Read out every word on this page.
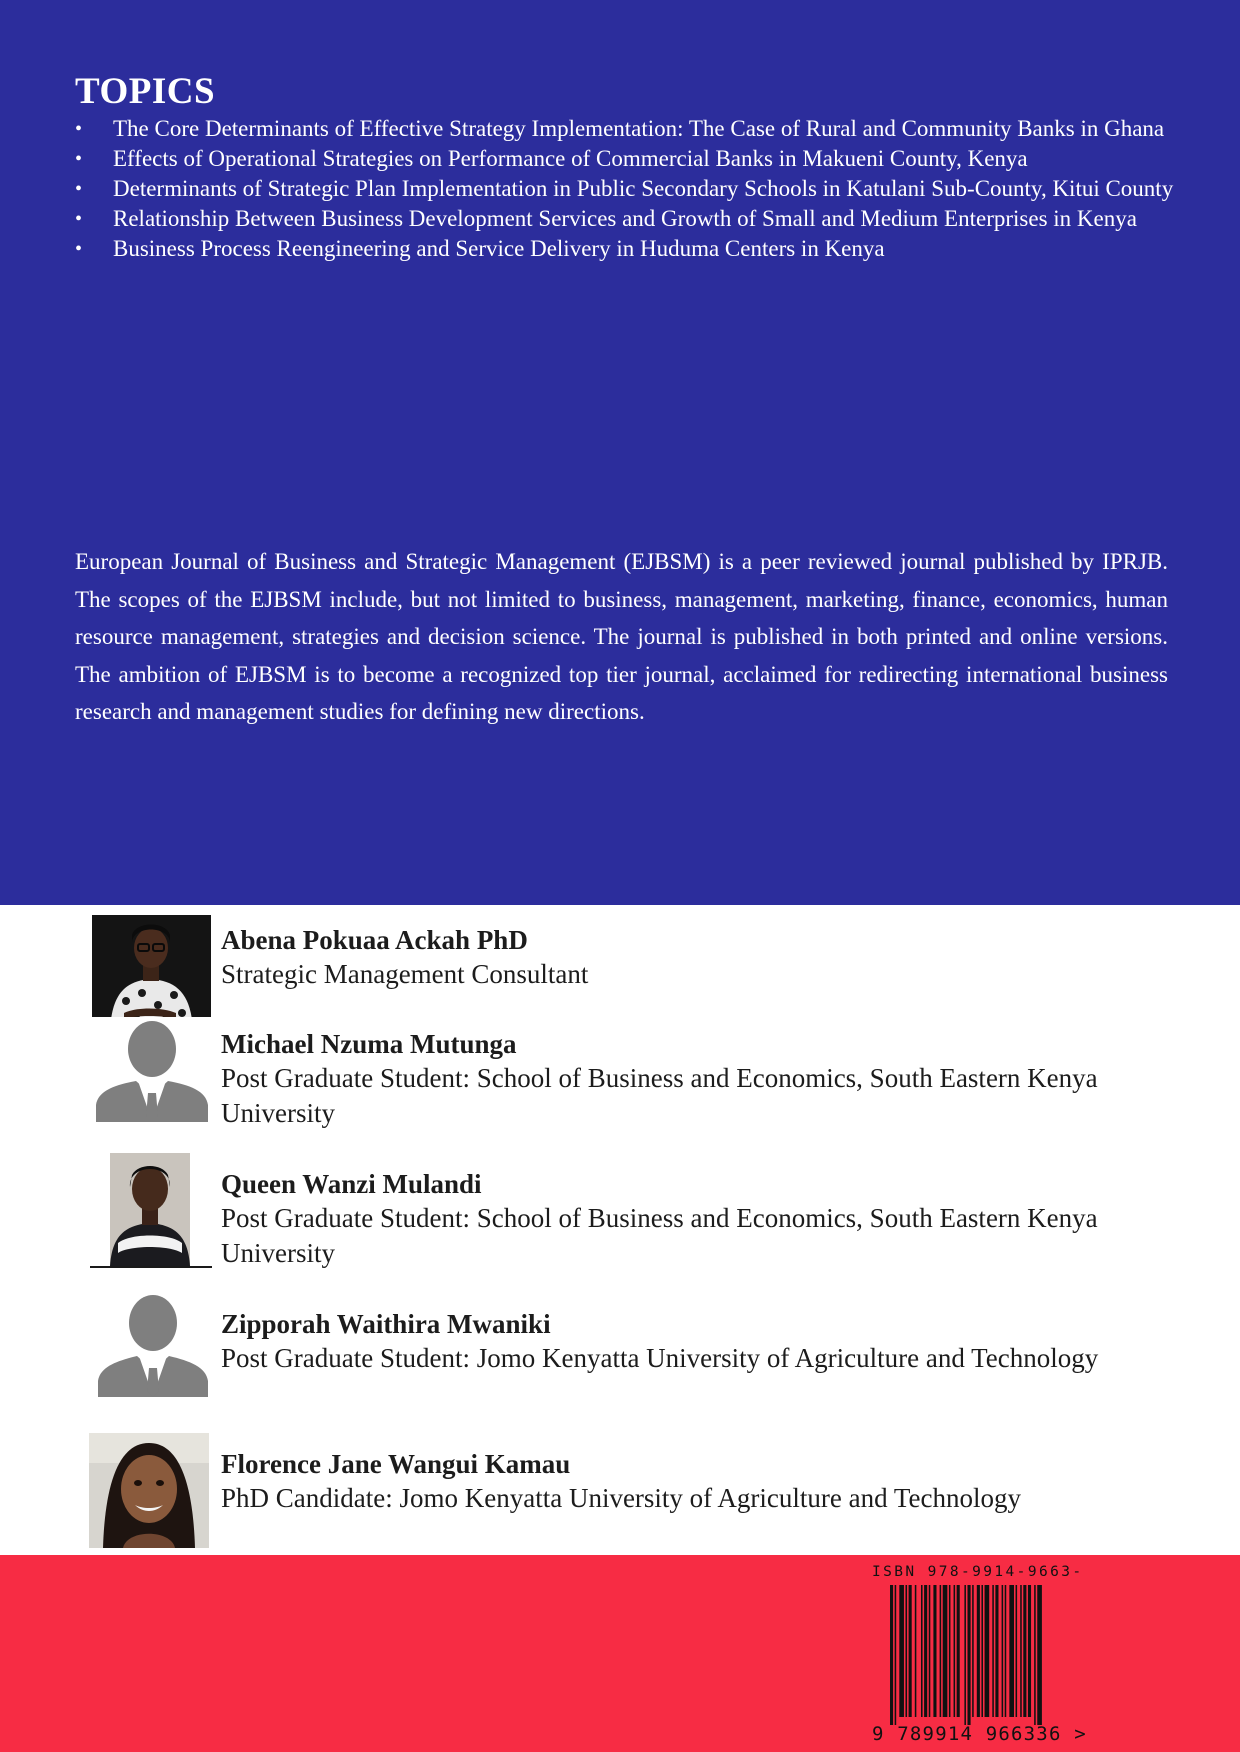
TOPICS
• The Core Determinants of Effective Strategy Implementation: The Case of Rural and Community Banks in Ghana
• Effects of Operational Strategies on Performance of Commercial Banks in Makueni County, Kenya
• Determinants of Strategic Plan Implementation in Public Secondary Schools in Katulani Sub-County, Kitui County
• Relationship Between Business Development Services and Growth of Small and Medium Enterprises in Kenya
• Business Process Reengineering and Service Delivery in Huduma Centers in Kenya

European Journal of Business and Strategic Management (EJBSM) is a peer reviewed journal published by IPRJB. The scopes of the EJBSM include, but not limited to business, management, marketing, finance, economics, human resource management, strategies and decision science. The journal is published in both printed and online versions. The ambition of EJBSM is to become a recognized top tier journal, acclaimed for redirecting international business research and management studies for defining new directions.

Abena Pokuaa Ackah PhD
Strategic Management Consultant
Michael Nzuma Mutunga
Post Graduate Student: School of Business and Economics, South Eastern Kenya University
Queen Wanzi Mulandi
Post Graduate Student: School of Business and Economics, South Eastern Kenya University
Zipporah Waithira Mwaniki
Post Graduate Student: Jomo Kenyatta University of Agriculture and Technology
Florence Jane Wangui Kamau
PhD Candidate: Jomo Kenyatta University of Agriculture and Technology
ISBN 978-9914-9663-
9 789914 966336 >
